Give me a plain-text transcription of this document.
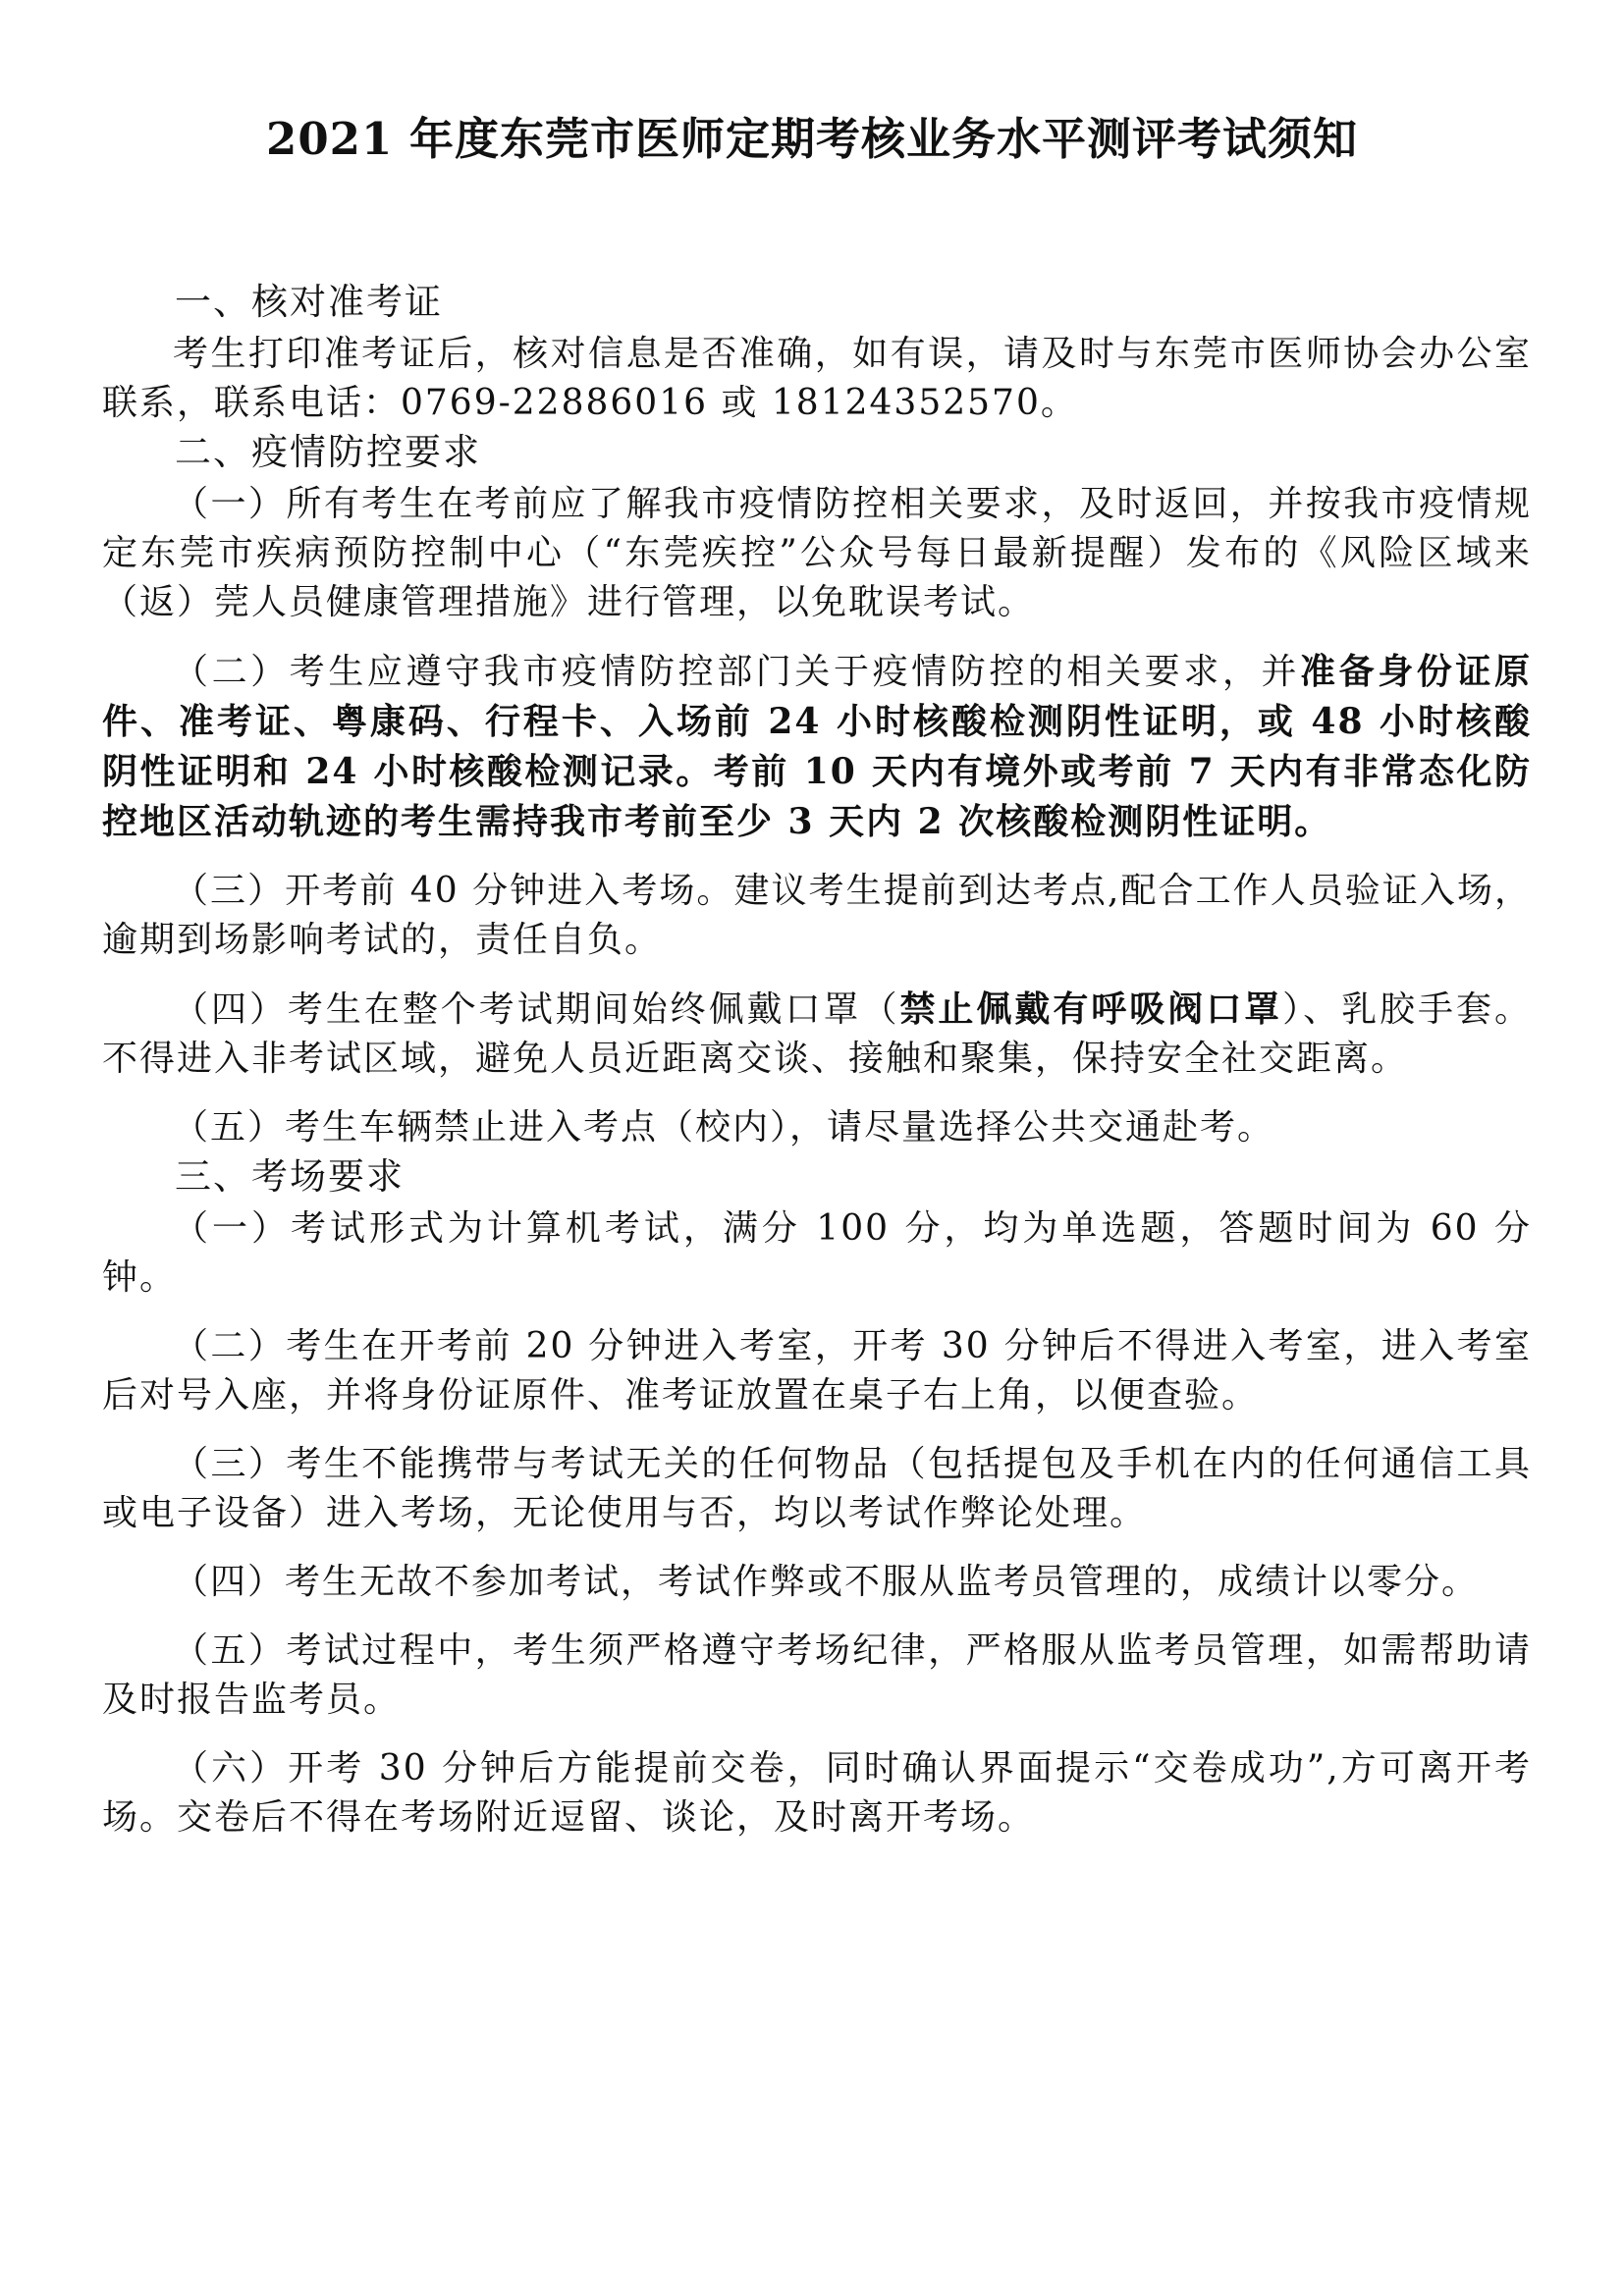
2021 年度东莞市医师定期考核业务水平测评考试须知

一、核对准考证

考生打印准考证后，核对信息是否准确，如有误，请及时与东莞市医师协会办公室联系，联系电话：0769-22886016 或 18124352570。

二、疫情防控要求

（一）所有考生在考前应了解我市疫情防控相关要求，及时返回，并按我市疫情规定东莞市疾病预防控制中心（“东莞疾控”公众号每日最新提醒）发布的《风险区域来（返）莞人员健康管理措施》进行管理，以免耽误考试。

（二）考生应遵守我市疫情防控部门关于疫情防控的相关要求，并准备身份证原件、准考证、粤康码、行程卡、入场前 24 小时核酸检测阴性证明，或 48 小时核酸阴性证明和 24 小时核酸检测记录。考前 10 天内有境外或考前 7 天内有非常态化防控地区活动轨迹的考生需持我市考前至少 3 天内 2 次核酸检测阴性证明。

（三）开考前 40 分钟进入考场。建议考生提前到达考点,配合工作人员验证入场，逾期到场影响考试的，责任自负。

（四）考生在整个考试期间始终佩戴口罩（禁止佩戴有呼吸阀口罩）、乳胶手套。不得进入非考试区域，避免人员近距离交谈、接触和聚集，保持安全社交距离。

（五）考生车辆禁止进入考点（校内），请尽量选择公共交通赴考。

三、考场要求

（一）考试形式为计算机考试，满分 100 分，均为单选题，答题时间为 60 分钟。

（二）考生在开考前 20 分钟进入考室，开考 30 分钟后不得进入考室，进入考室后对号入座，并将身份证原件、准考证放置在桌子右上角，以便查验。

（三）考生不能携带与考试无关的任何物品（包括提包及手机在内的任何通信工具或电子设备）进入考场，无论使用与否，均以考试作弊论处理。

（四）考生无故不参加考试，考试作弊或不服从监考员管理的，成绩计以零分。

（五）考试过程中，考生须严格遵守考场纪律，严格服从监考员管理，如需帮助请及时报告监考员。

（六）开考 30 分钟后方能提前交卷，同时确认界面提示“交卷成功”,方可离开考场。交卷后不得在考场附近逗留、谈论，及时离开考场。
